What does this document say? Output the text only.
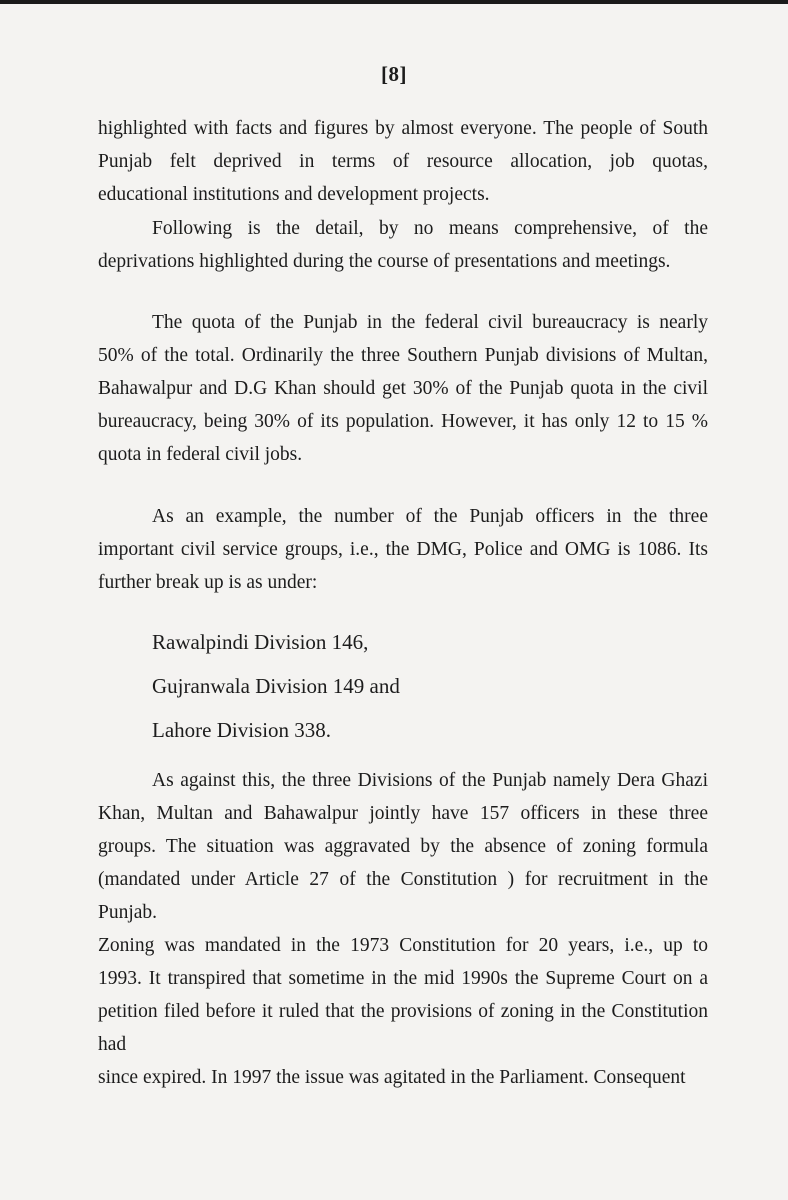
[8]
highlighted with facts and figures by almost everyone. The people of South
Punjab felt deprived in terms of resource allocation, job quotas,
educational institutions and development projects.
Following is the detail, by no means comprehensive, of the
deprivations highlighted during the course of presentations and meetings.
The quota of the Punjab in the federal civil bureaucracy is nearly
50% of the total. Ordinarily the three Southern Punjab divisions of Multan,
Bahawalpur and D.G Khan should get 30% of the Punjab quota in the civil
bureaucracy, being 30% of its population. However, it has only 12 to 15 %
quota in federal civil jobs.
As an example, the number of the Punjab officers in the three
important civil service groups, i.e., the DMG, Police and OMG is 1086. Its
further break up is as under:
Rawalpindi Division 146,
Gujranwala Division 149 and
Lahore Division 338.
As against this, the three Divisions of the Punjab namely Dera Ghazi
Khan, Multan and Bahawalpur jointly have 157 officers in these three
groups. The situation was aggravated by the absence of zoning formula
(mandated under Article 27 of the Constitution ) for recruitment in the Punjab.
Zoning was mandated in the 1973 Constitution for 20 years, i.e., up to
1993. It transpired that sometime in the mid 1990s the Supreme Court on a
petition filed before it ruled that the provisions of zoning in the Constitution had
since expired. In 1997 the issue was agitated in the Parliament. Consequent
